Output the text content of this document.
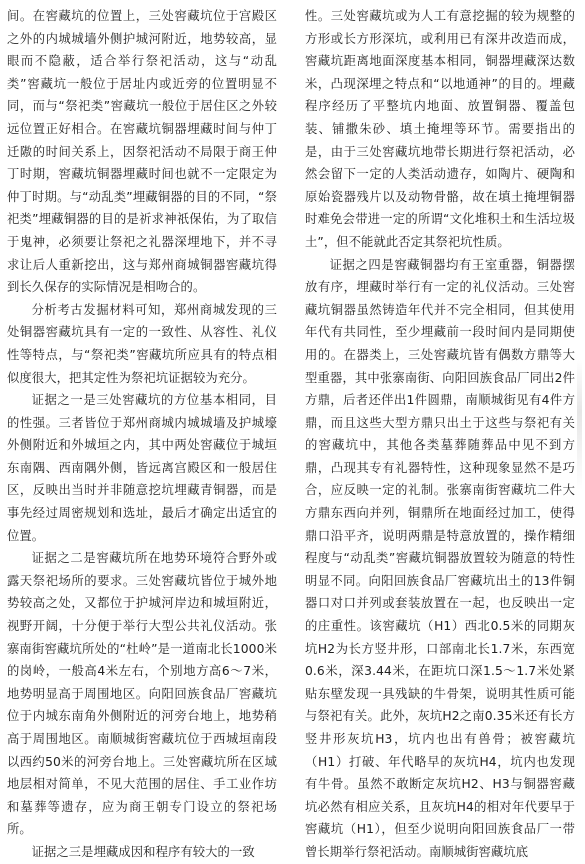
间。在窖藏坑的位置上，三处窖藏坑位于宫殿区之外的内城城墙外侧护城河附近，地势较高，显眼而不隐蔽，适合举行祭祀活动，这与“动乱类”窖藏坑一般位于居址内或近旁的位置明显不同，而与“祭祀类”窖藏坑一般位于居住区之外较远位置正好相合。在窖藏坑铜器埋藏时间与仲丁迁隞的时间关系上，因祭祀活动不局限于商王仲丁时期，窖藏坑铜器埋藏时间也就不一定限定为仲丁时期。与“动乱类”埋藏铜器的目的不同，“祭祀类”埋藏铜器的目的是祈求神祇保佑，为了取信于鬼神，必须要让祭祀之礼器深埋地下，并不寻求让后人重新挖出，这与郑州商城铜器窖藏坑得到长久保存的实际情况是相吻合的。

分析考古发掘材料可知，郑州商城发现的三处铜器窖藏坑具有一定的一致性、从容性、礼仪性等特点，与“祭祀类”窖藏坑所应具有的特点相似度很大，把其定性为祭祀坑证据较为充分。

证据之一是三处窖藏坑的方位基本相同，目的性强。三者皆位于郑州商城内城城墙及护城壕外侧附近和外城垣之内，其中两处窖藏位于城垣东南隅、西南隅外侧，皆远离宫殿区和一般居住区，反映出当时并非随意挖坑埋藏青铜器，而是事先经过周密规划和选址，最后才确定出适宜的位置。

证据之二是窖藏坑所在地势环境符合野外或露天祭祀场所的要求。三处窖藏坑皆位于城外地势较高之处，又都位于护城河岸边和城垣附近，视野开阔，十分便于举行大型公共礼仪活动。张寨南街窖藏坑所处的“杜岭”是一道南北长1000米的岗岭，一般高4米左右，个别地方高6～7米，地势明显高于周围地区。向阳回族食品厂窖藏坑位于内城东南角外侧附近的河旁台地上，地势稍高于周围地区。南顺城街窖藏坑位于西城垣南段以西约50米的河旁台地上。三处窖藏坑所在区域地层相对简单，不见大范围的居住、手工业作坊和墓葬等遗存，应为商王朝专门设立的祭祀场所。

证据之三是埋藏成因和程序有较大的一致

性。三处窖藏坑或为人工有意挖掘的较为规整的方形或长方形深坑，或利用已有深井改造而成，窖藏坑距离地面深度基本相同，铜器埋藏深达数米，凸现深埋之特点和“以地通神”的目的。埋藏程序经历了平整坑内地面、放置铜器、覆盖包装、铺撒朱砂、填土掩埋等环节。需要指出的是，由于三处窖藏坑地带长期进行祭祀活动，必然会留下一定的人类活动遗存，如陶片、硬陶和原始瓷器残片以及动物骨骼，故在填土掩埋铜器时难免会带进一定的所谓“文化堆积土和生活垃圾土”，但不能就此否定其祭祀坑性质。

证据之四是窖藏铜器均有王室重器，铜器摆放有序，埋藏时举行有一定的礼仪活动。三处窖藏坑铜器虽然铸造年代并不完全相同，但其使用年代有共同性，至少埋藏前一段时间内是同期使用的。在器类上，三处窖藏坑皆有偶数方鼎等大型重器，其中张寨南街、向阳回族食品厂同出2件方鼎，后者还伴出1件圆鼎，南顺城街见有4件方鼎，而且这些大型方鼎只出土于这些与祭祀有关的窖藏坑中，其他各类墓葬随葬品中见不到方鼎，凸现其专有礼器特性，这种现象显然不是巧合，应反映一定的礼制。张寨南街窖藏坑二件大方鼎东西向并列，铜鼎所在地面经过加工，使得鼎口沿平齐，说明两鼎是特意放置的，操作精细程度与“动乱类”窖藏坑铜器放置较为随意的特性明显不同。向阳回族食品厂窖藏坑出土的13件铜器口对口并列或套装放置在一起，也反映出一定的庄重性。该窖藏坑（H1）西北0.5米的同期灰坑H2为长方竖井形，口部南北长1.7米，东西宽0.6米，深3.44米，在距坑口深1.5～1.7米处紧贴东壁发现一具残缺的牛骨架，说明其性质可能与祭祀有关。此外，灰坑H2之南0.35米还有长方竖井形灰坑H3，坑内也出有兽骨；被窖藏坑（H1）打破、年代略早的灰坑H4，坑内也发现有牛骨。虽然不敢断定灰坑H2、H3与铜器窖藏坑必然有相应关系，且灰坑H4的相对年代要早于窖藏坑（H1），但至少说明向阳回族食品厂一带曾长期举行祭祀活动。南顺城街窖藏坑底
